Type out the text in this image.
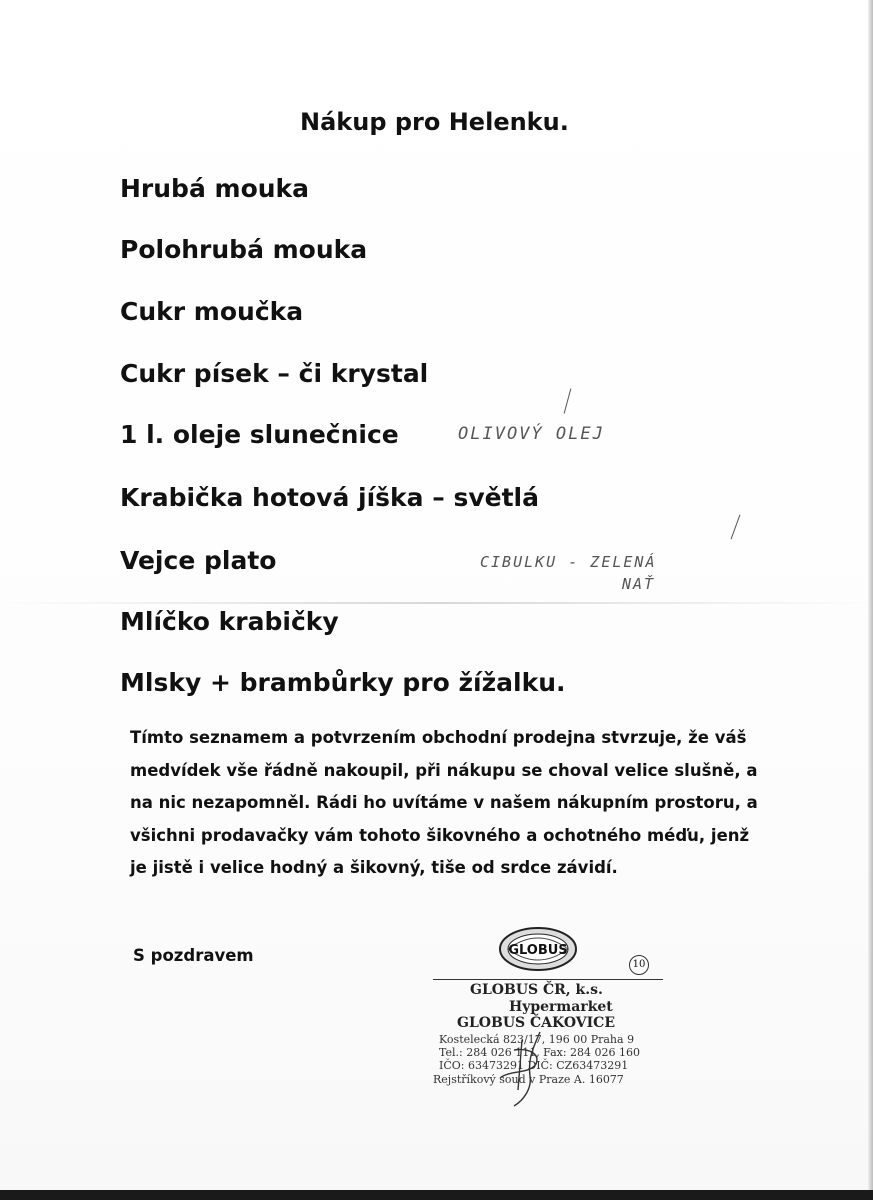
Nákup pro Helenku.
Hrubá mouka
Polohrubá mouka
Cukr moučka
Cukr písek – či krystal
1 l. oleje slunečnice
Krabička hotová jíška – světlá
Vejce plato
Mlíčko krabičky
Mlsky + brambůrky pro žížalku.
OLIVOVÝ OLEJ
CIBULKU - ZELENÁ
NAŤ
Tímto seznamem a potvrzením obchodní prodejna stvrzuje, že váš
medvídek vše řádně nakoupil, při nákupu se choval velice slušně, a
na nic nezapomněl. Rádi ho uvítáme v našem nákupním prostoru, a
všichni prodavačky vám tohoto šikovného a ochotného méďu, jenž
je jistě i velice hodný a šikovný, tiše od srdce závidí.
S pozdravem	GLOBUS
10
GLOBUS ČR, k.s.
Hypermarket
GLOBUS ČAKOVICE
Kostelecká 823/17, 196 00 Praha 9
Tel.: 284 026 111, Fax: 284 026 160
IČO: 63473291 DIČ: CZ63473291
Rejstříkový soud v Praze A. 16077
